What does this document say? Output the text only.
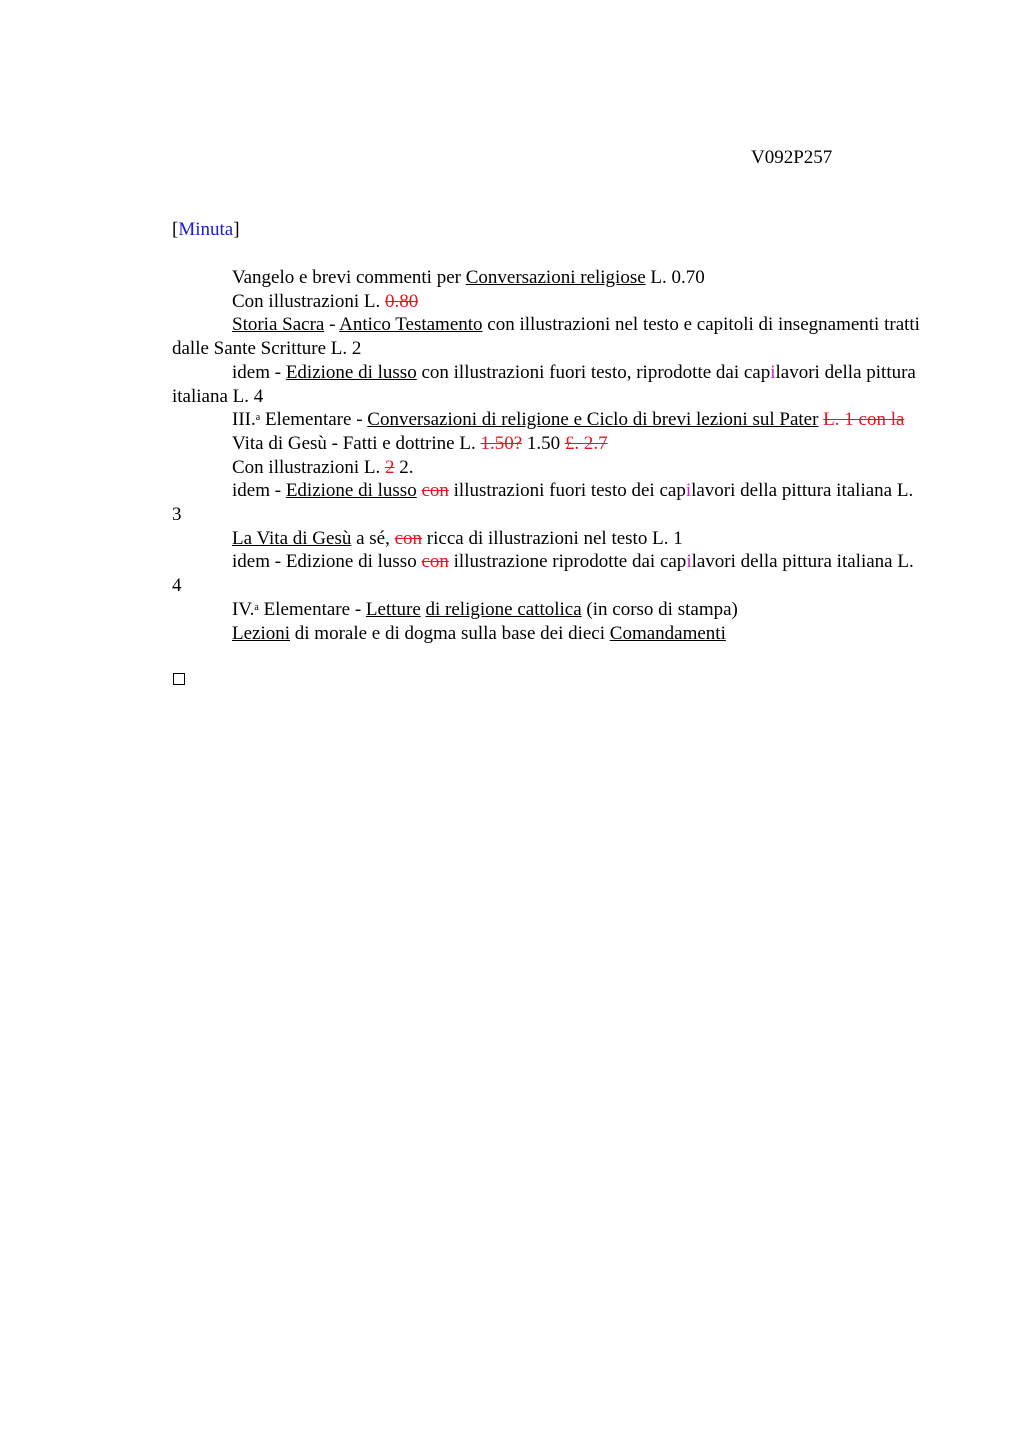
V092P257
[Minuta]

Vangelo e brevi commenti per Conversazioni religiose L. 0.70

Con illustrazioni L. 0.80

Storia Sacra - Antico Testamento con illustrazioni nel testo e capitoli di insegnamenti tratti dalle Sante Scritture L. 2

idem - Edizione di lusso con illustrazioni fuori testo, riprodotte dai capilavori della pittura italiana L. 4

III.$^a$ Elementare - Conversazioni di religione e Ciclo di brevi lezioni sul Pater L. 1 con la

Vita di Gesù - Fatti e dottrine L. 1.50? 1.50 £. 2.7

Con illustrazioni L. 2 2.

idem - Edizione di lusso con illustrazioni fuori testo dei capilavori della pittura italiana L. 3

La Vita di Gesù a sé, con ricca di illustrazioni nel testo L. 1

idem - Edizione di lusso con illustrazione riprodotte dai capilavori della pittura italiana L. 4

IV.$^a$ Elementare - Letture di religione cattolica (in corso di stampa)

Lezioni di morale e di dogma sulla base dei dieci Comandamenti
